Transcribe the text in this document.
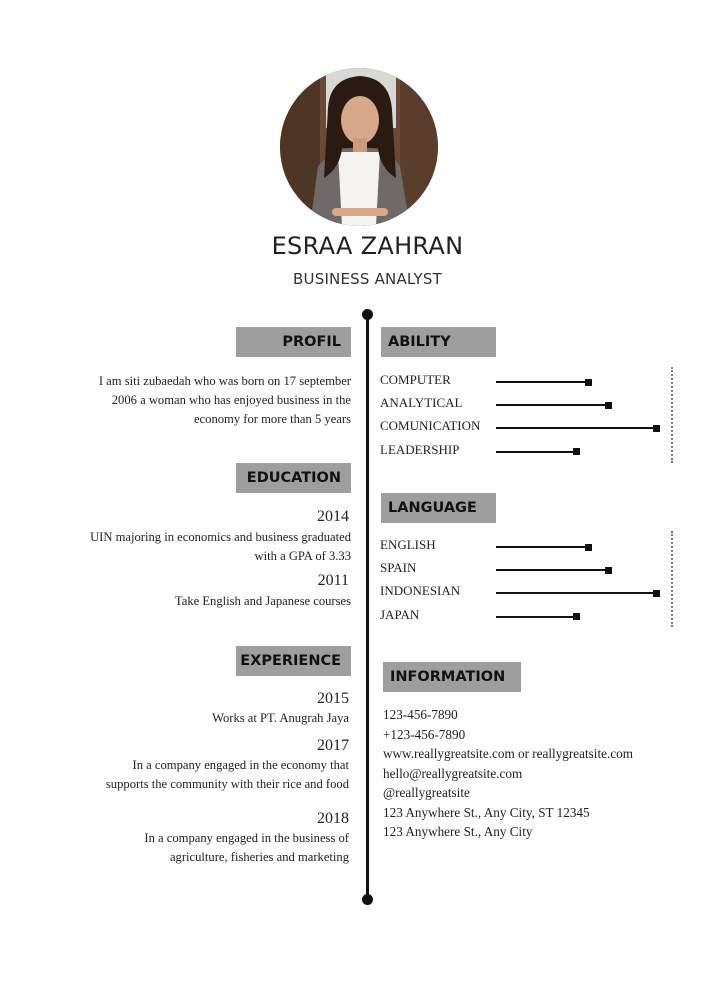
ESRAA ZAHRAN
BUSINESS ANALYST
PROFIL
I am siti zubaedah who was born on 17 september
2006 a woman who has enjoyed business in the
economy for more than 5 years
EDUCATION
2014
UIN majoring in economics and business graduated
with a GPA of 3.33
2011
Take English and Japanese courses
EXPERIENCE
2015
Works at PT. Anugrah Jaya
2017
In a company engaged in the economy that
supports the community with their rice and food
2018
In a company engaged in the business of
agriculture, fisheries and marketing
ABILITY
COMPUTER
ANALYTICAL
COMUNICATION
LEADERSHIP
LANGUAGE
ENGLISH
SPAIN
INDONESIAN
JAPAN
INFORMATION
123-456-7890
+123-456-7890
www.reallygreatsite.com or reallygreatsite.com
hello@reallygreatsite.com
@reallygreatsite
123 Anywhere St., Any City, ST 12345
123 Anywhere St., Any City
